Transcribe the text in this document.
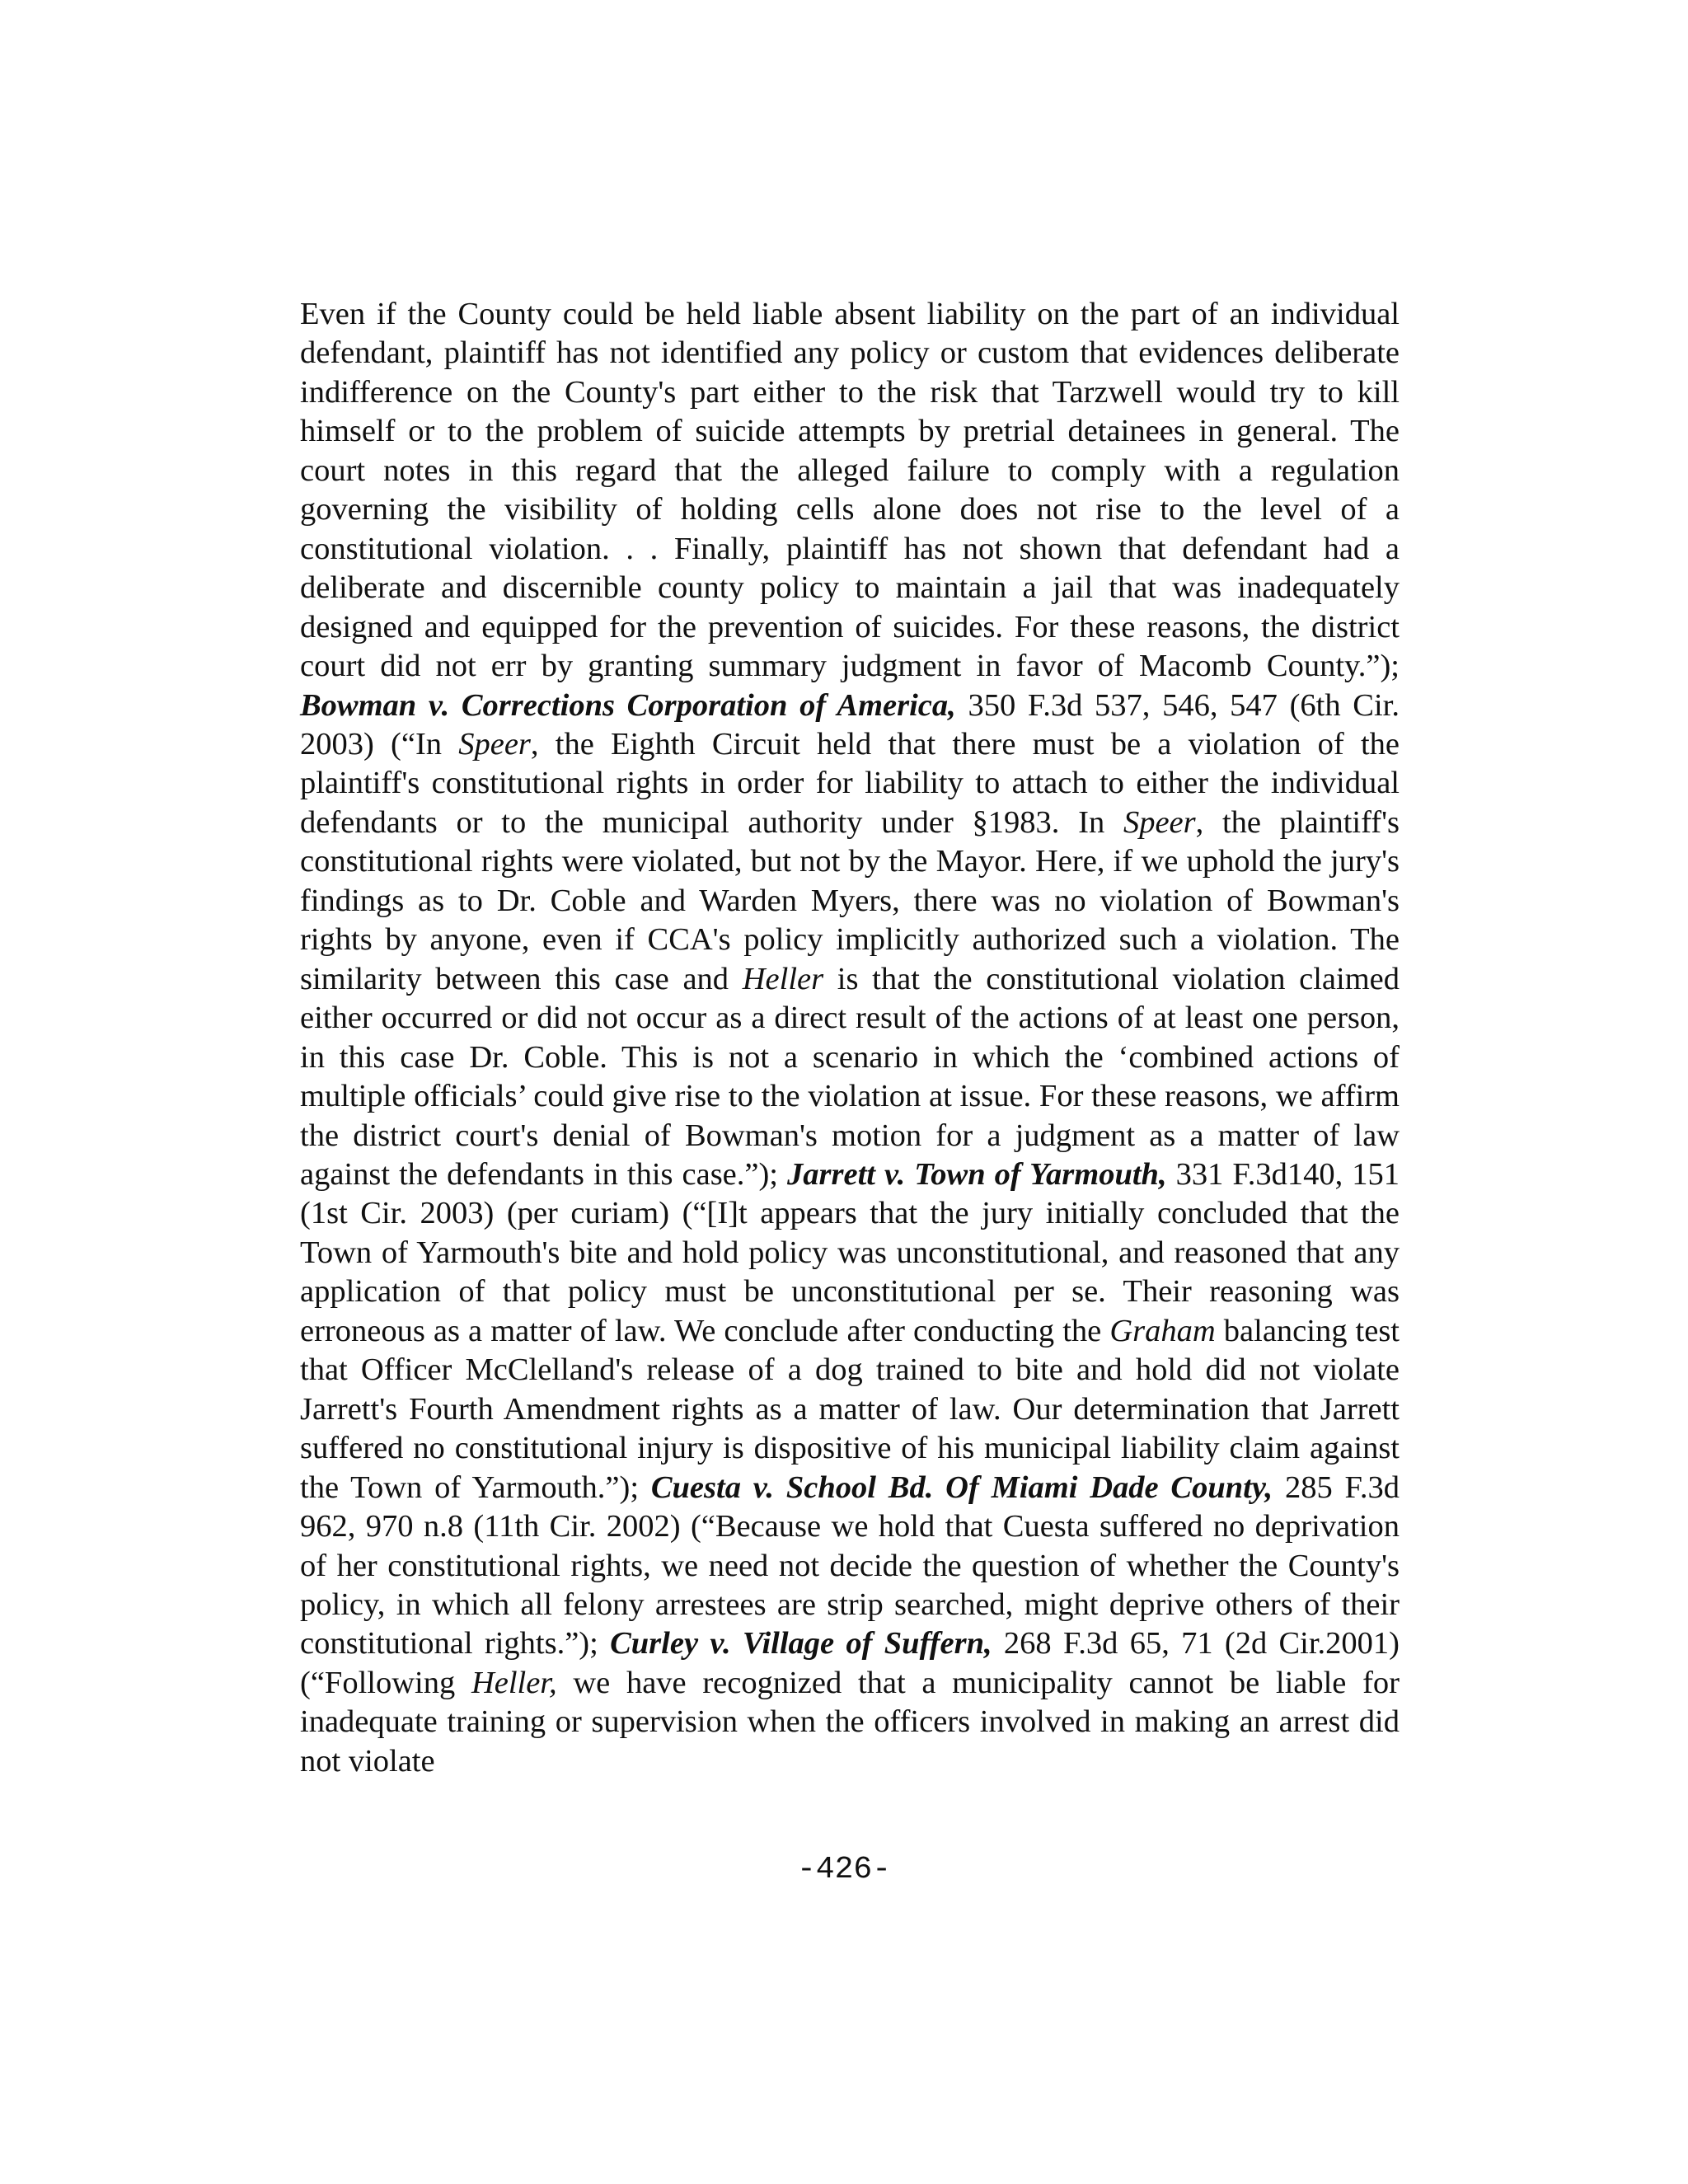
Even if the County could be held liable absent liability on the part of an individual defendant, plaintiff has not identified any policy or custom that evidences deliberate indifference on the County's part either to the risk that Tarzwell would try to kill himself or to the problem of suicide attempts by pretrial detainees in general. The court notes in this regard that the alleged failure to comply with a regulation governing the visibility of holding cells alone does not rise to the level of a constitutional violation. . . Finally, plaintiff has not shown that defendant had a deliberate and discernible county policy to maintain a jail that was inadequately designed and equipped for the prevention of suicides. For these reasons, the district court did not err by granting summary judgment in favor of Macomb County.”); Bowman v. Corrections Corporation of America, 350 F.3d 537, 546, 547 (6th Cir. 2003) (“In Speer, the Eighth Circuit held that there must be a violation of the plaintiff's constitutional rights in order for liability to attach to either the individual defendants or to the municipal authority under §1983. In Speer, the plaintiff's constitutional rights were violated, but not by the Mayor. Here, if we uphold the jury's findings as to Dr. Coble and Warden Myers, there was no violation of Bowman's rights by anyone, even if CCA's policy implicitly authorized such a violation. The similarity between this case and Heller is that the constitutional violation claimed either occurred or did not occur as a direct result of the actions of at least one person, in this case Dr. Coble. This is not a scenario in which the ‘combined actions of multiple officials’ could give rise to the violation at issue. For these reasons, we affirm the district court's denial of Bowman's motion for a judgment as a matter of law against the defendants in this case.”); Jarrett v. Town of Yarmouth, 331 F.3d140, 151 (1st Cir. 2003) (per curiam) (“[I]t appears that the jury initially concluded that the Town of Yarmouth's bite and hold policy was unconstitutional, and reasoned that any application of that policy must be unconstitutional per se. Their reasoning was erroneous as a matter of law. We conclude after conducting the Graham balancing test that Officer McClelland's release of a dog trained to bite and hold did not violate Jarrett's Fourth Amendment rights as a matter of law. Our determination that Jarrett suffered no constitutional injury is dispositive of his municipal liability claim against the Town of Yarmouth.”); Cuesta v. School Bd. Of Miami Dade County, 285 F.3d 962, 970 n.8 (11th Cir. 2002) (“Because we hold that Cuesta suffered no deprivation of her constitutional rights, we need not decide the question of whether the County's policy, in which all felony arrestees are strip searched, might deprive others of their constitutional rights.”); Curley v. Village of Suffern, 268 F.3d 65, 71 (2d Cir.2001) (“Following Heller, we have recognized that a municipality cannot be liable for inadequate training or supervision when the officers involved in making an arrest did not violate

-426-
